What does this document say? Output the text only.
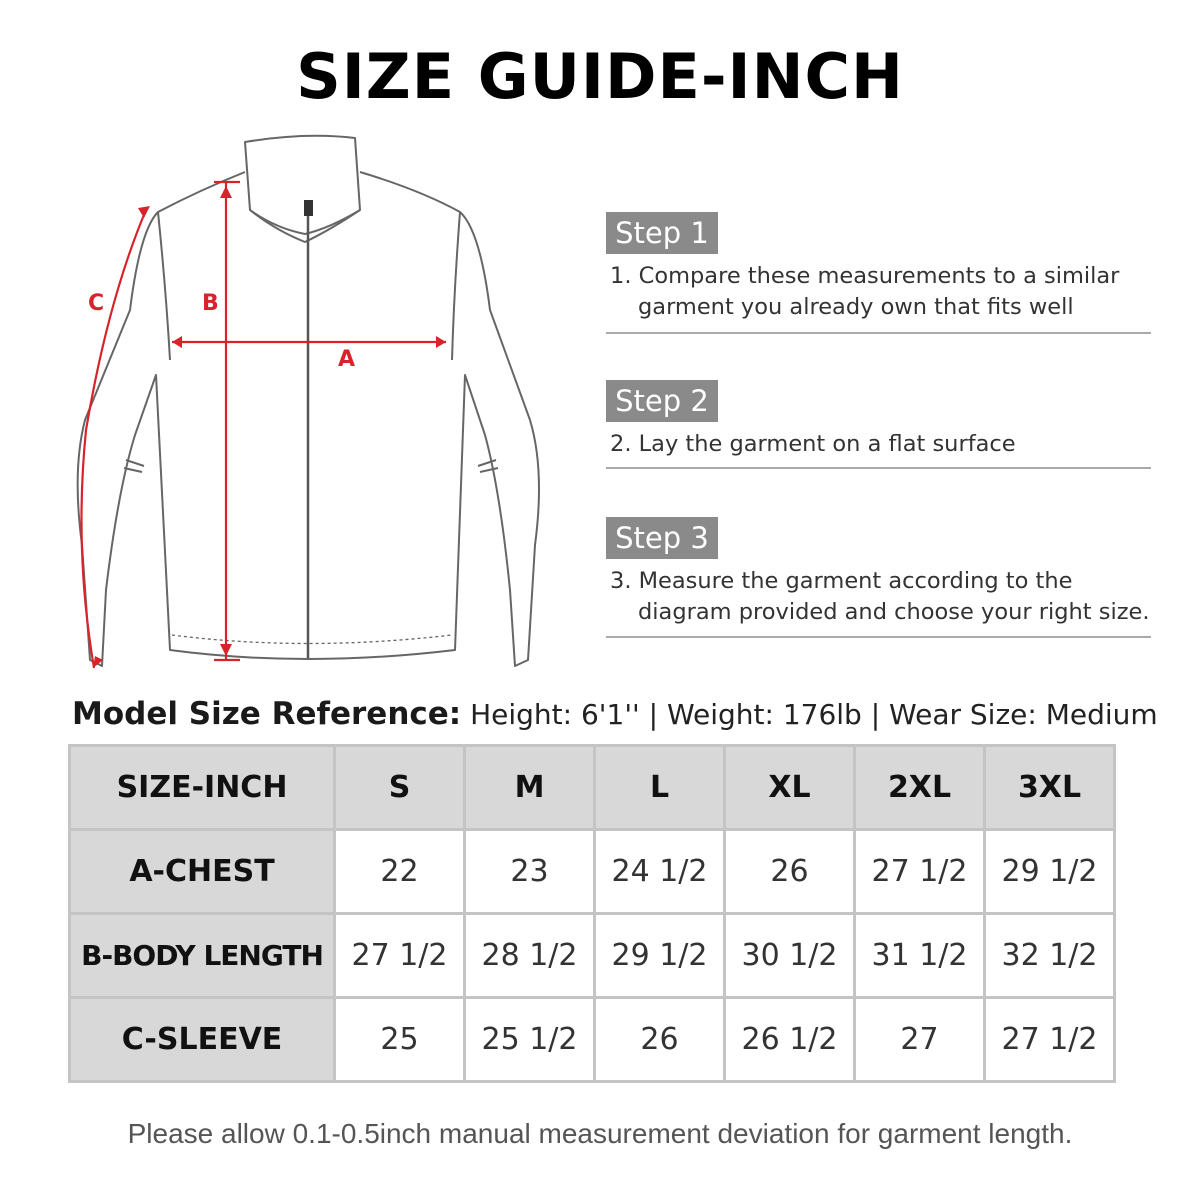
SIZE GUIDE-INCH
A
B
C
Step 1

1. Compare these measurements to a similar
garment you already own that fits well

Step 2

2. Lay the garment on a flat surface

Step 3

3. Measure the garment according to the
diagram provided and choose your right size.

Model Size Reference: Height: 6'1'' | Weight: 176lb | Wear Size: Medium
SIZE-INCH	S	M	L	XL	2XL	3XL
A-CHEST	22	23	24 1/2	26	27 1/2	29 1/2
B-BODY LENGTH	27 1/2	28 1/2	29 1/2	30 1/2	31 1/2	32 1/2
C-SLEEVE	25	25 1/2	26	26 1/2	27	27 1/2
Please allow 0.1-0.5inch manual measurement deviation for garment length.
